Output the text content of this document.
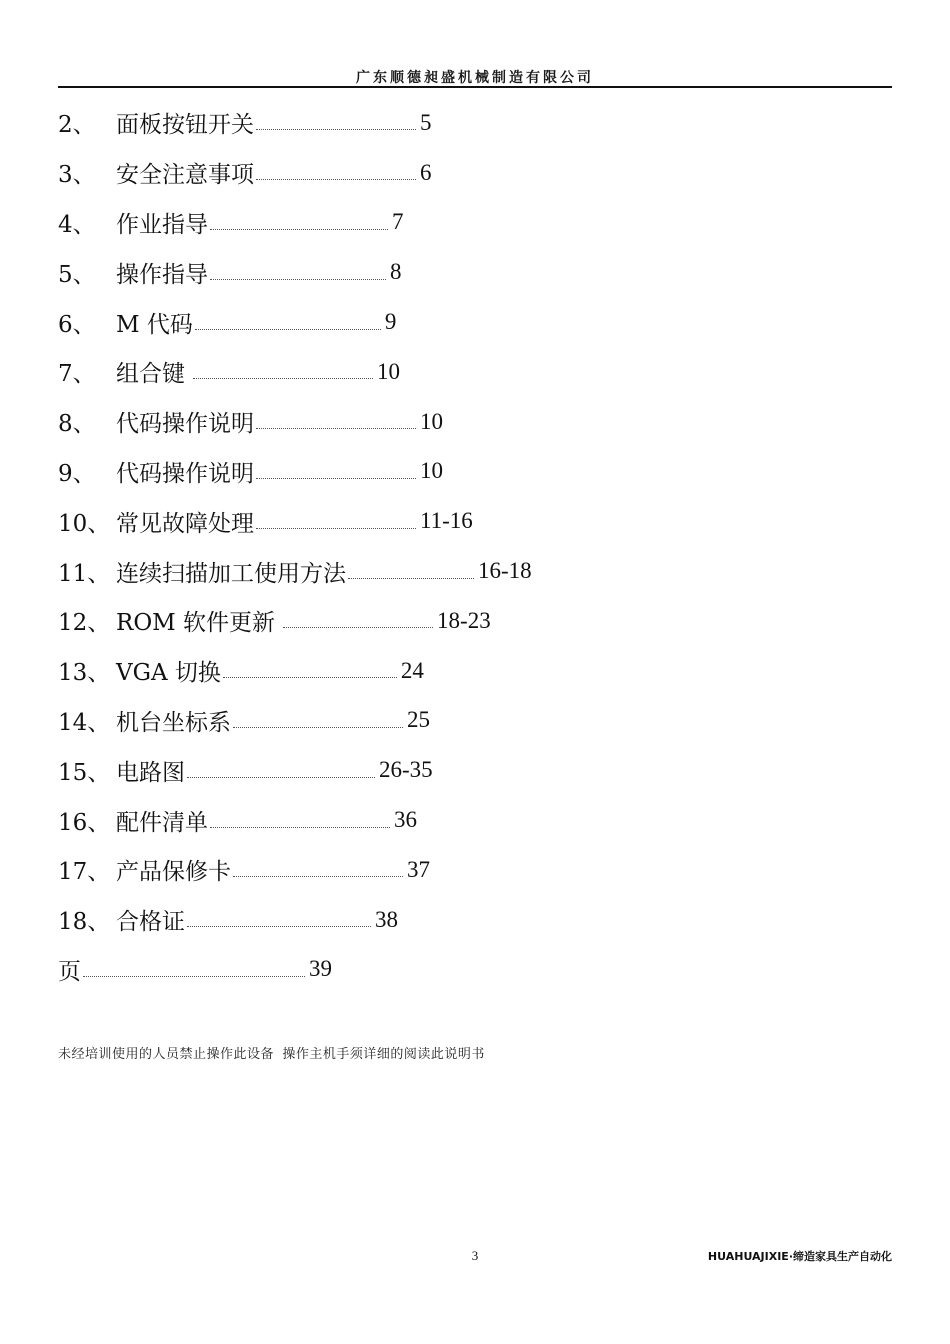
广东顺德昶盛机械制造有限公司
2、 面板按钮开关	5
3、 安全注意事项	6
4、 作业指导	7
5、 操作指导	8
6、 M 代码	9
7、 组合键	10
8、 代码操作说明	10
9、 代码操作说明	10
10、 常见故障处理	11-16
11、 连续扫描加工使用方法	16-18
12、 ROM 软件更新	18-23
13、 VGA 切换	24
14、 机台坐标系	25
15、 电路图	26-35
16、 配件清单	36
17、 产品保修卡	37
18、 合格证	38
页	39
未经培训使用的人员禁止操作此设备 操作主机手须详细的阅读此说明书
3	HUAHUAJIXIE·缔造家具生产自动化
